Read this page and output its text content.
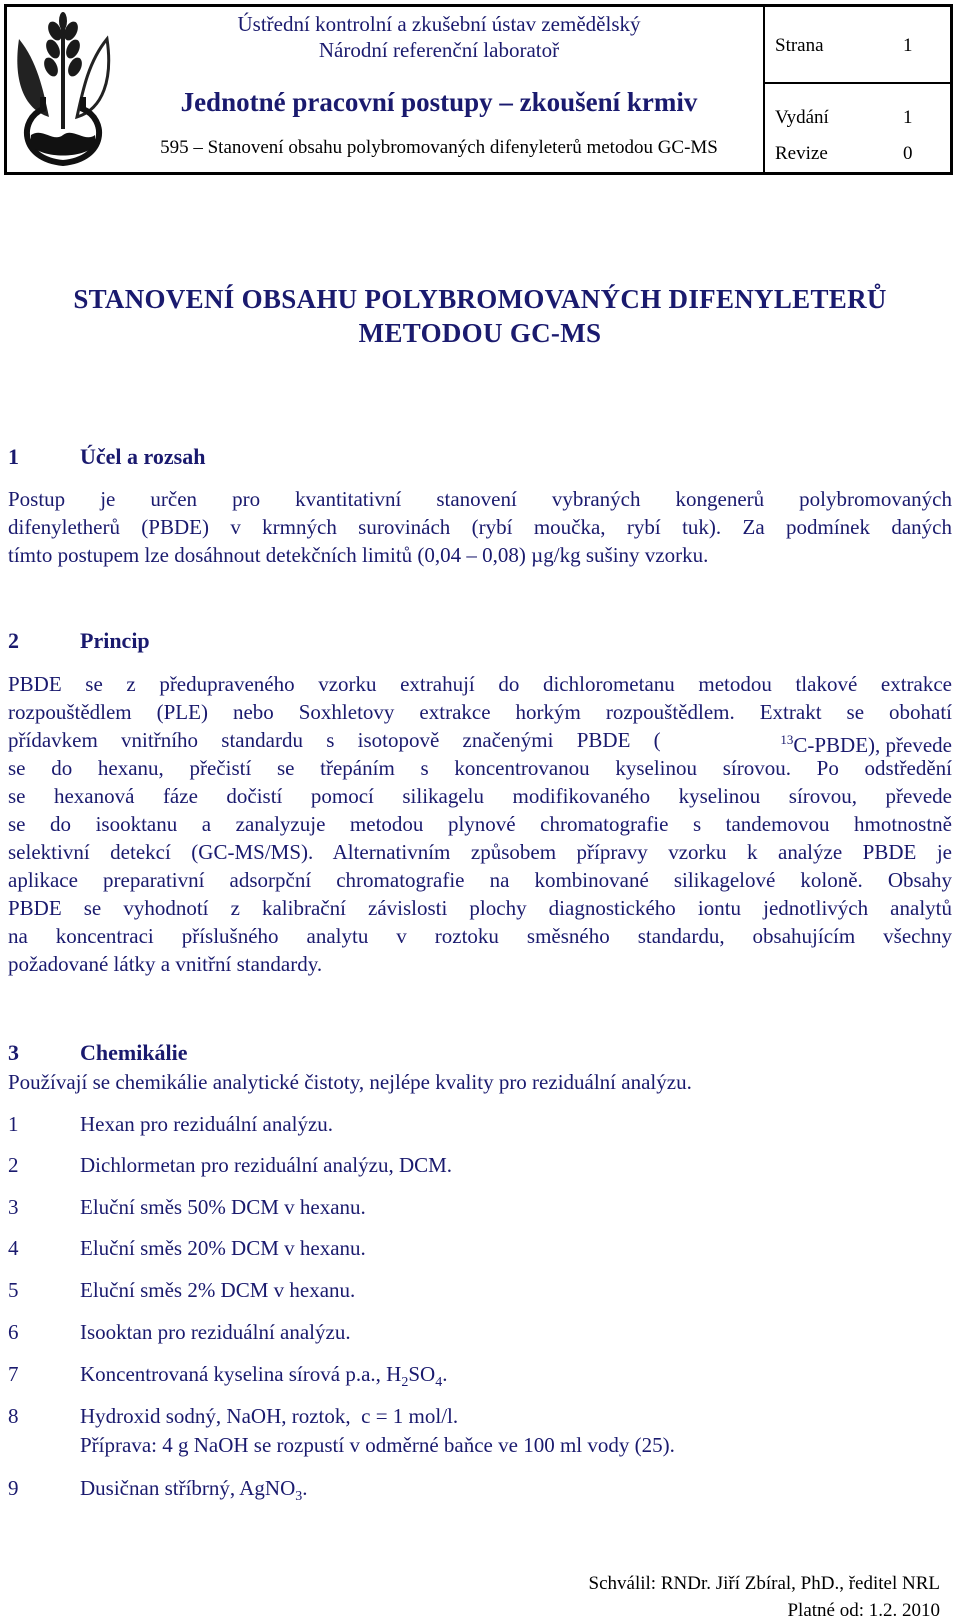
Ústřední kontrolní a zkušební ústav zemědělský
Národní referenční laboratoř
Jednotné pracovní postupy – zkoušení krmiv
595 – Stanovení obsahu polybromovaných difenyleterů metodou GC-MS
Strana	1
Vydání	1
Revize	0
STANOVENÍ OBSAHU POLYBROMOVANÝCH DIFENYLETERŮ
METODOU GC-MS
1	Účel a rozsah
Postup je určen pro kvantitativní stanovení vybraných kongenerů polybromovaných
difenyletherů (PBDE) v krmných surovinách (rybí moučka, rybí tuk). Za podmínek daných
tímto postupem lze dosáhnout detekčních limitů (0,04 – 0,08) µg/kg sušiny vzorku.
2	Princip
PBDE se z předupraveného vzorku extrahují do dichlorometanu metodou tlakové extrakce
rozpouštědlem (PLE) nebo Soxhletovy extrakce horkým rozpouštědlem. Extrakt se obohatí
přídavkem vnitřního standardu s isotopově značenými PBDE (	$^{13}$C-PBDE), převede
se do hexanu, přečistí se třepáním s koncentrovanou kyselinou sírovou. Po odstředění
se hexanová fáze dočistí pomocí silikagelu modifikovaného kyselinou sírovou, převede
se do isooktanu a zanalyzuje metodou plynové chromatografie s tandemovou hmotnostně
selektivní detekcí (GC-MS/MS). Alternativním způsobem přípravy vzorku k analýze PBDE je
aplikace preparativní adsorpční chromatografie na kombinované silikagelové koloně. Obsahy
PBDE se vyhodnotí z kalibrační závislosti plochy diagnostického iontu jednotlivých analytů
na koncentraci příslušného analytu v roztoku směsného standardu, obsahujícím všechny
požadované látky a vnitřní standardy.
3	Chemikálie
Používají se chemikálie analytické čistoty, nejlépe kvality pro reziduální analýzu.
1	Hexan pro reziduální analýzu.
2	Dichlormetan pro reziduální analýzu, DCM.
3	Eluční směs 50% DCM v hexanu.
4	Eluční směs 20% DCM v hexanu.
5	Eluční směs 2% DCM v hexanu.
6	Isooktan pro reziduální analýzu.
7	Koncentrovaná kyselina sírová p.a., $H_2SO_4$.
8	Hydroxid sodný, NaOH, roztok,  c = 1 mol/l.
Příprava: 4 g NaOH se rozpustí v odměrné baňce ve 100 ml vody (25).
9	Dusičnan stříbrný, AgNO$_3$.
Schválil: RNDr. Jiří Zbíral, PhD., ředitel NRL
Platné od: 1.2. 2010
